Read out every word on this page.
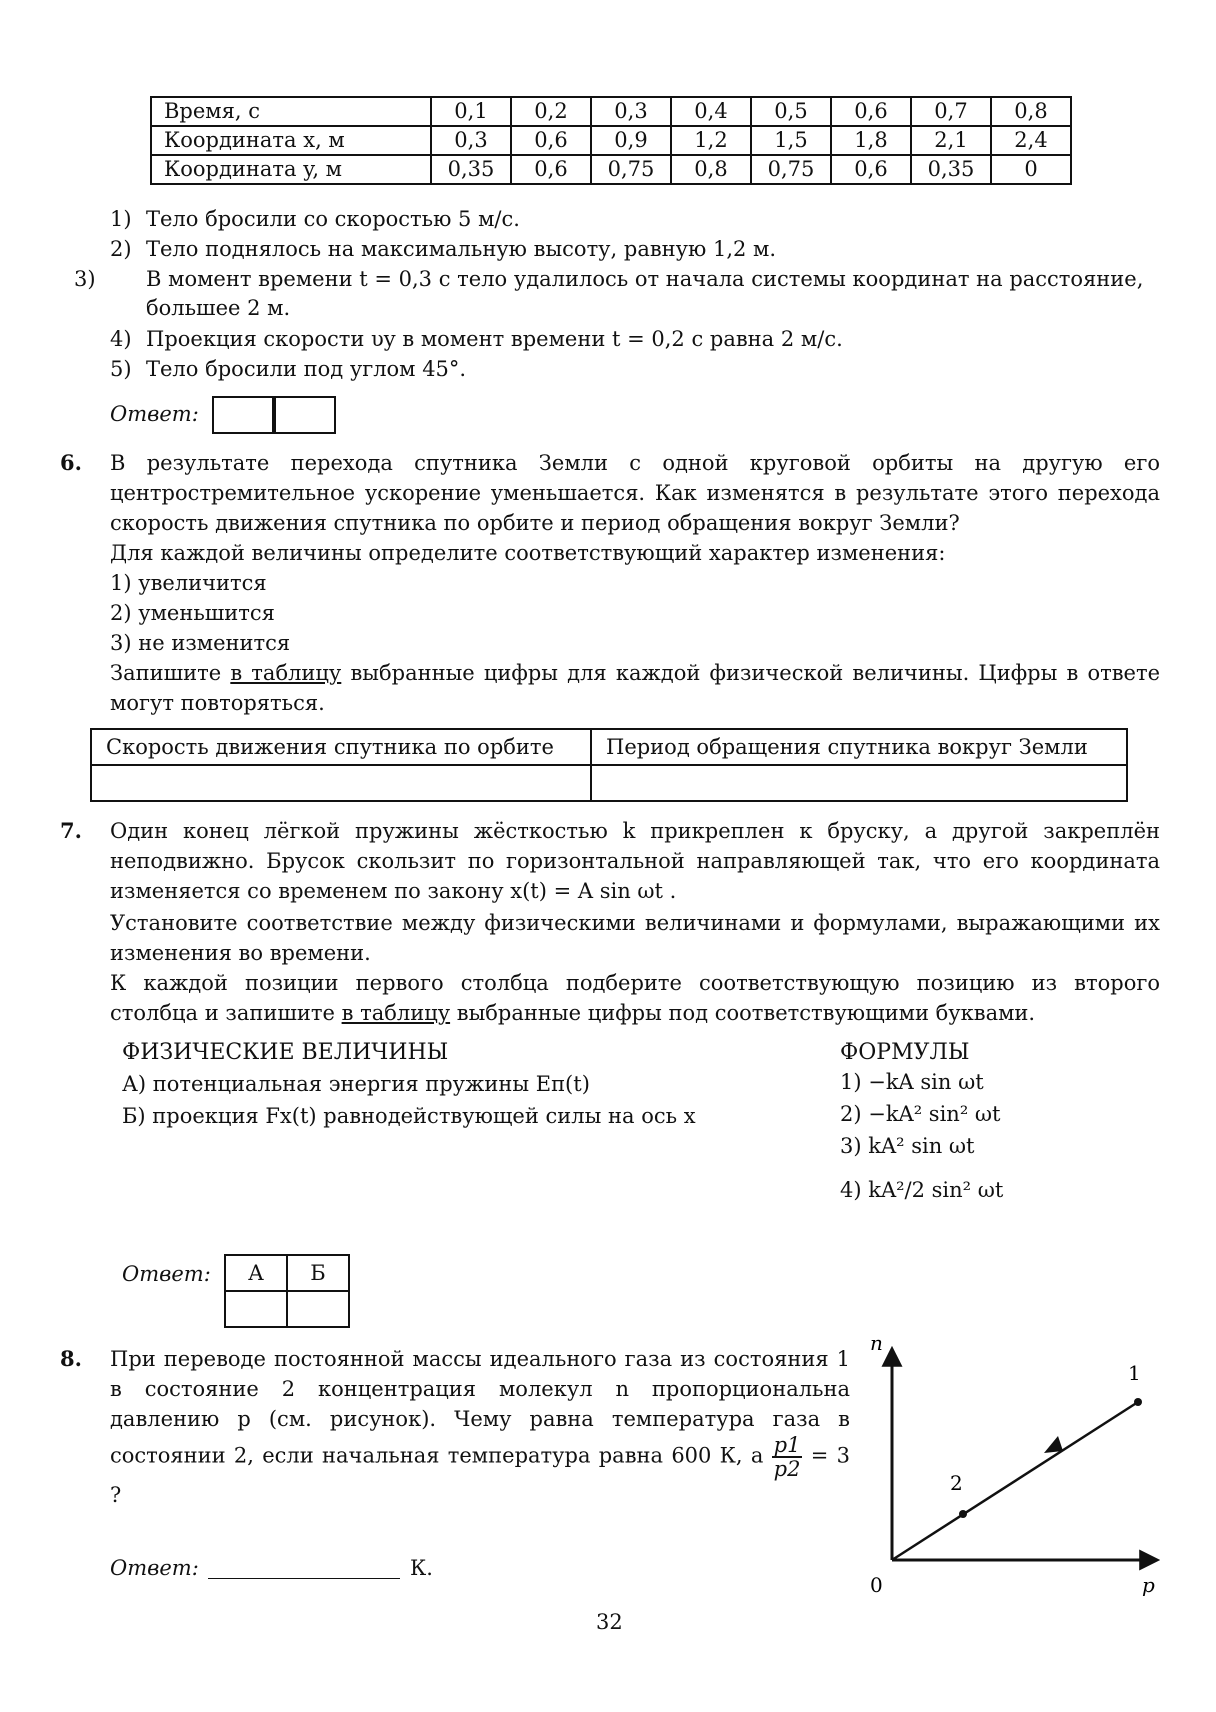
Время, с	0,1	0,2	0,3	0,4	0,5	0,6	0,7	0,8
Координата x, м	0,3	0,6	0,9	1,2	1,5	1,8	2,1	2,4
Координата y, м	0,35	0,6	0,75	0,8	0,75	0,6	0,35	0
1) Тело бросили со скоростью 5 м/с.
2) Тело поднялось на максимальную высоту, равную 1,2 м.
3) В момент времени t = 0,3 с тело удалилось от начала системы координат на расстояние, большее 2 м.
4) Проекция скорости υy в момент времени t = 0,2 с равна 2 м/с.
5) Тело бросили под углом 45°.
Ответ:
6. В результате перехода спутника Земли с одной круговой орбиты на другую его центростремительное ускорение уменьшается. Как изменятся в результате этого перехода скорость движения спутника по орбите и период обращения вокруг Земли?
Для каждой величины определите соответствующий характер изменения:
1) увеличится
2) уменьшится
3) не изменится
Запишите в таблицу выбранные цифры для каждой физической величины. Цифры в ответе могут повторяться.
Скорость движения спутника по орбите	Период обращения спутника вокруг Земли

7. Один конец лёгкой пружины жёсткостью k прикреплен к бруску, а другой закреплён неподвижно. Брусок скользит по горизонтальной направляющей так, что его координата изменяется со временем по закону x(t) = A sin ωt .
Установите соответствие между физическими величинами и формулами, выражающими их изменения во времени.
К каждой позиции первого столбца подберите соответствующую позицию из второго столбца и запишите в таблицу выбранные цифры под соответствующими буквами.
ФИЗИЧЕСКИЕ ВЕЛИЧИНЫ	ФОРМУЛЫ
А) потенциальная энергия пружины Eп(t)
Б) проекция Fx(t) равнодействующей силы на ось x
1) −kA sin ωt
2) −kA² sin² ωt
3) kA² sin ωt
4) kA²/2 sin² ωt
Ответ: А	Б

8. При переводе постоянной массы идеального газа из состояния 1 в состояние 2 концентрация молекул n пропорциональна давлению p (см. рисунок). Чему равна температура газа в состоянии 2, если начальная температура равна 600 К, а $\frac{p1}{p2} = 3$ ?
Ответ:	К.
n
p
0
1
2
32
